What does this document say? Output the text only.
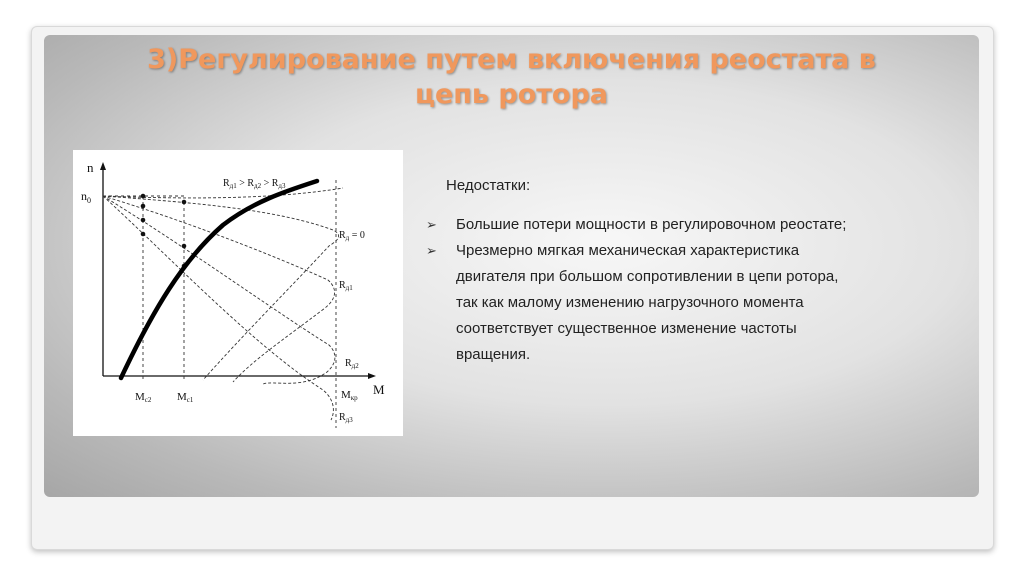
3)Регулирование путем включения реостата в
цепь ротора
n
$n_0$
M
$R_{д1} > R_{д2} > R_{д3}$
$R_д = 0$
$R_{д1}$
$R_{д2}$
$R_{д3}$
Mc2 Mc1	Mкр
Недостатки:
➢ Большие потери мощности в регулировочном реостате;
➢ Чрезмерно мягкая механическая характеристика
двигателя при большом сопротивлении в цепи ротора,
так как малому изменению нагрузочного момента
соответствует существенное изменение частоты
вращения.
